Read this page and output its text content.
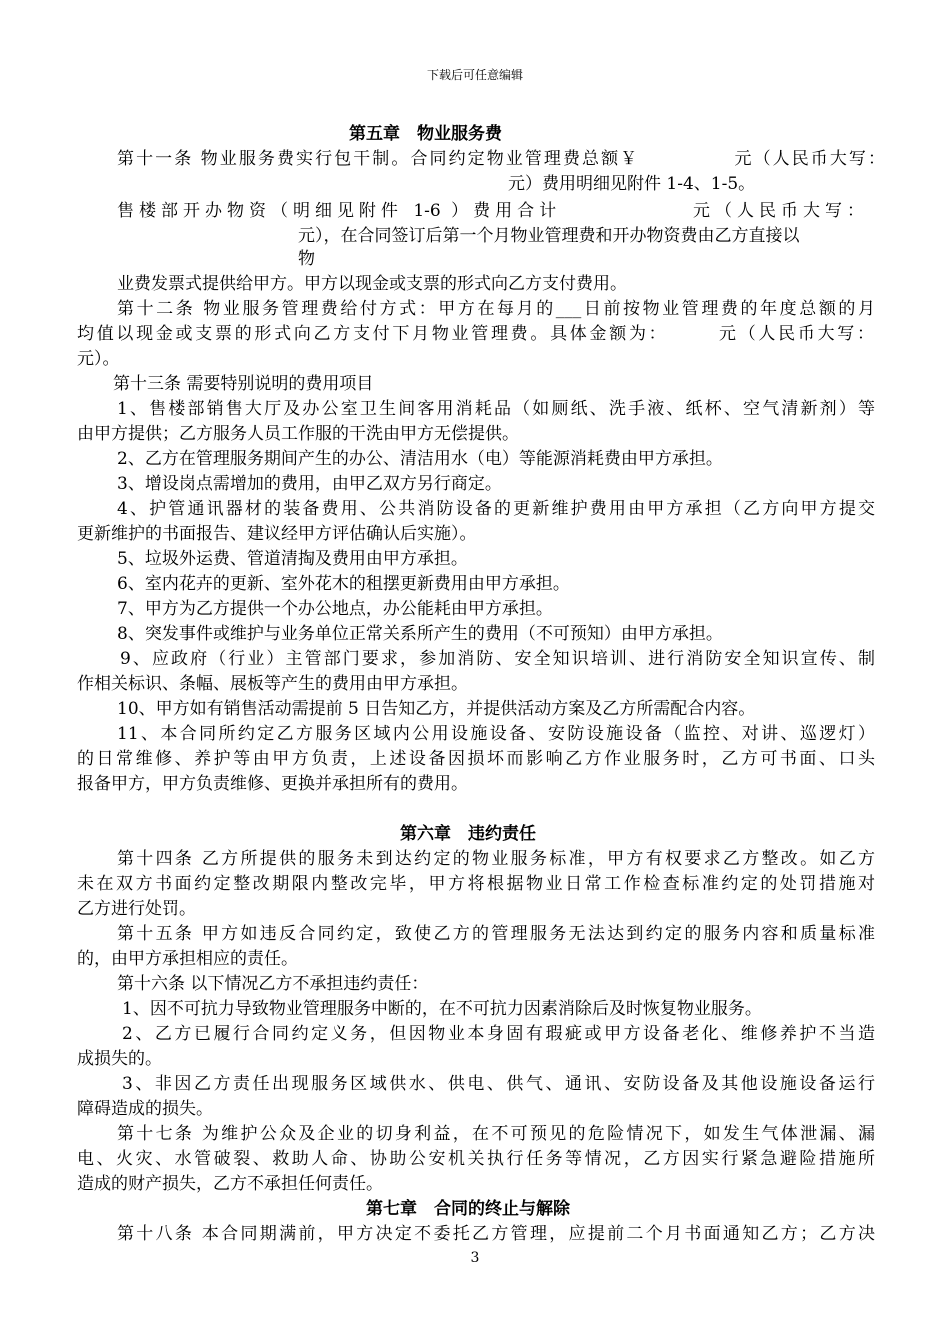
下载后可任意编辑
第五章　物业服务费
第十一条 物业服务费实行包干制。合同约定物业管理费总额￥　　　　　元（人民币大写：
元）费用明细见附件 1-4、1-5。
售楼部开办物资（明细见附件 1-6 ）费用合计　　　　　　元（人民币大写：
元），在合同签订后第一个月物业管理费和开办物资费由乙方直接以
物
业费发票式提供给甲方。甲方以现金或支票的形式向乙方支付费用。
第十二条 物业服务管理费给付方式：甲方在每月的___日前按物业管理费的年度总额的月
均值以现金或支票的形式向乙方支付下月物业管理费。具体金额为：　　　元（人民币大写：
元）。
第十三条 需要特别说明的费用项目
1、售楼部销售大厅及办公室卫生间客用消耗品（如厕纸、洗手液、纸杯、空气清新剂）等
由甲方提供；乙方服务人员工作服的干洗由甲方无偿提供。
2、乙方在管理服务期间产生的办公、清洁用水（电）等能源消耗费由甲方承担。
3、增设岗点需增加的费用，由甲乙双方另行商定。
4、护管通讯器材的装备费用、公共消防设备的更新维护费用由甲方承担（乙方向甲方提交
更新维护的书面报告、建议经甲方评估确认后实施）。
5、垃圾外运费、管道清掏及费用由甲方承担。
6、室内花卉的更新、室外花木的租摆更新费用由甲方承担。
7、甲方为乙方提供一个办公地点，办公能耗由甲方承担。
8、突发事件或维护与业务单位正常关系所产生的费用（不可预知）由甲方承担。
9、应政府（行业）主管部门要求，参加消防、安全知识培训、进行消防安全知识宣传、制
作相关标识、条幅、展板等产生的费用由甲方承担。
10、甲方如有销售活动需提前 5 日告知乙方，并提供活动方案及乙方所需配合内容。
11、本合同所约定乙方服务区域内公用设施设备、安防设施设备（监控、对讲、巡逻灯）
的日常维修、养护等由甲方负责，上述设备因损坏而影响乙方作业服务时，乙方可书面、口头
报备甲方，甲方负责维修、更换并承担所有的费用。
第六章　违约责任
第十四条 乙方所提供的服务未到达约定的物业服务标准，甲方有权要求乙方整改。如乙方
未在双方书面约定整改期限内整改完毕，甲方将根据物业日常工作检查标准约定的处罚措施对
乙方进行处罚。
第十五条 甲方如违反合同约定，致使乙方的管理服务无法达到约定的服务内容和质量标准
的，由甲方承担相应的责任。
第十六条 以下情况乙方不承担违约责任：
1、因不可抗力导致物业管理服务中断的，在不可抗力因素消除后及时恢复物业服务。
2、乙方已履行合同约定义务，但因物业本身固有瑕疵或甲方设备老化、维修养护不当造
成损失的。
3、非因乙方责任出现服务区域供水、供电、供气、通讯、安防设备及其他设施设备运行
障碍造成的损失。
第十七条 为维护公众及企业的切身利益，在不可预见的危险情况下，如发生气体泄漏、漏
电、火灾、水管破裂、救助人命、协助公安机关执行任务等情况，乙方因实行紧急避险措施所
造成的财产损失，乙方不承担任何责任。
第七章　合同的终止与解除
第十八条 本合同期满前，甲方决定不委托乙方管理，应提前二个月书面通知乙方；乙方决
3
